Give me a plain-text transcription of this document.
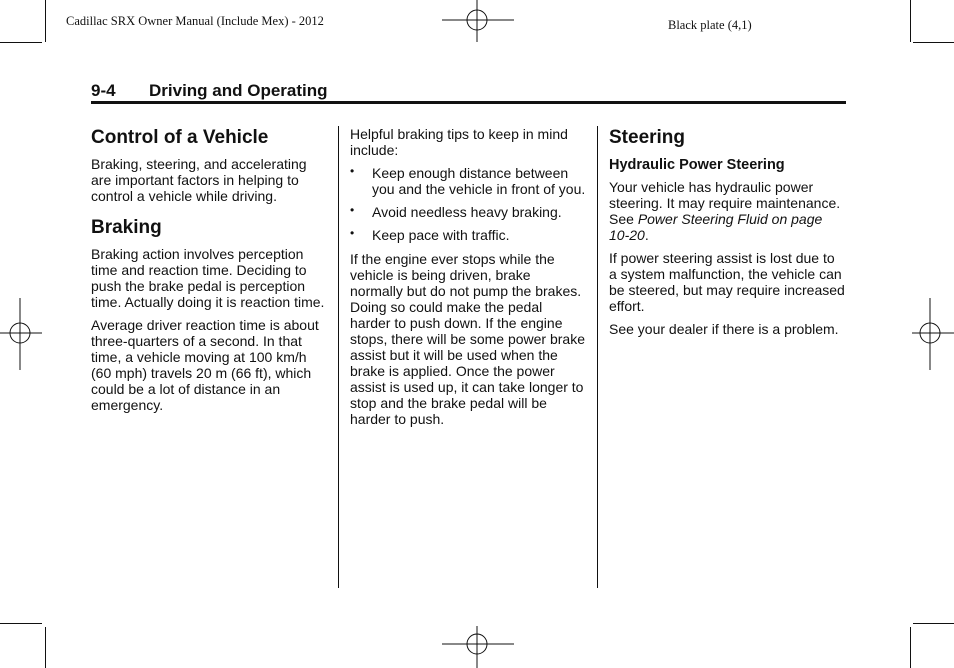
Cadillac SRX Owner Manual (Include Mex) - 2012	Black plate (4,1)
9-4 Driving and Operating
Control of a Vehicle

Braking, steering, and accelerating are important factors in helping to control a vehicle while driving.

Braking

Braking action involves perception time and reaction time. Deciding to push the brake pedal is perception time. Actually doing it is reaction time.

Average driver reaction time is about three-quarters of a second. In that time, a vehicle moving at 100 km/h (60 mph) travels 20 m (66 ft), which could be a lot of distance in an emergency.

Helpful braking tips to keep in mind include:

• Keep enough distance between you and the vehicle in front of you.
• Avoid needless heavy braking.
• Keep pace with traffic.

If the engine ever stops while the vehicle is being driven, brake normally but do not pump the brakes. Doing so could make the pedal harder to push down. If the engine stops, there will be some power brake assist but it will be used when the brake is applied. Once the power assist is used up, it can take longer to stop and the brake pedal will be harder to push.

Steering
Hydraulic Power Steering

Your vehicle has hydraulic power steering. It may require maintenance. See Power Steering Fluid on page 10-20.

If power steering assist is lost due to a system malfunction, the vehicle can be steered, but may require increased effort.

See your dealer if there is a problem.
